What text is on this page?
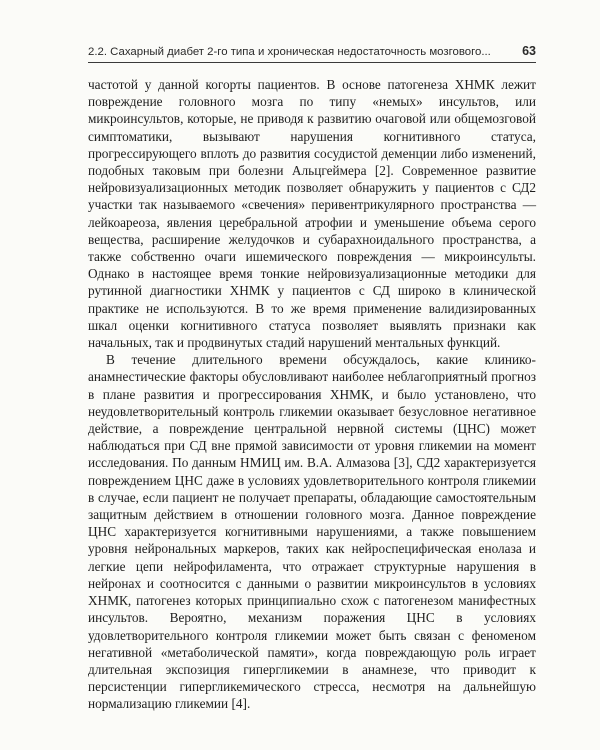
2.2. Сахарный диабет 2-го типа и хроническая недостаточность мозгового...	63

частотой у данной когорты пациентов. В основе патогенеза ХНМК лежит повреждение головного мозга по типу «немых» инсультов, или микроинсультов, которые, не приводя к развитию очаговой или общемозговой симптоматики, вызывают нарушения когнитивного статуса, прогрессирующего вплоть до развития сосудистой деменции либо изменений, подобных таковым при болезни Альцгеймера [2]. Современное развитие нейровизуализационных методик позволяет обнаружить у пациентов с СД2 участки так называемого «свечения» перивентрикулярного пространства — лейкоареоза, явления церебральной атрофии и уменьшение объема серого вещества, расширение желудочков и субарахноидального пространства, а также собственно очаги ишемического повреждения — микроинсульты. Однако в настоящее время тонкие нейровизуализационные методики для рутинной диагностики ХНМК у пациентов с СД широко в клинической практике не используются. В то же время применение валидизированных шкал оценки когнитивного статуса позволяет выявлять признаки как начальных, так и продвинутых стадий нарушений ментальных функций.

В течение длительного времени обсуждалось, какие клинико-анамнестические факторы обусловливают наиболее неблагоприятный прогноз в плане развития и прогрессирования ХНМК, и было установлено, что неудовлетворительный контроль гликемии оказывает безусловное негативное действие, а повреждение центральной нервной системы (ЦНС) может наблюдаться при СД вне прямой зависимости от уровня гликемии на момент исследования. По данным НМИЦ им. В.А. Алмазова [3], СД2 характеризуется повреждением ЦНС даже в условиях удовлетворительного контроля гликемии в случае, если пациент не получает препараты, обладающие самостоятельным защитным действием в отношении головного мозга. Данное повреждение ЦНС характеризуется когнитивными нарушениями, а также повышением уровня нейрональных маркеров, таких как нейроспецифическая енолаза и легкие цепи нейрофиламента, что отражает структурные нарушения в нейронах и соотносится с данными о развитии микроинсультов в условиях ХНМК, патогенез которых принципиально схож с патогенезом манифестных инсультов. Вероятно, механизм поражения ЦНС в условиях удовлетворительного контроля гликемии может быть связан с феноменом негативной «метаболической памяти», когда повреждающую роль играет длительная экспозиция гипергликемии в анамнезе, что приводит к персистенции гипергликемического стресса, несмотря на дальнейшую нормализацию гликемии [4].
